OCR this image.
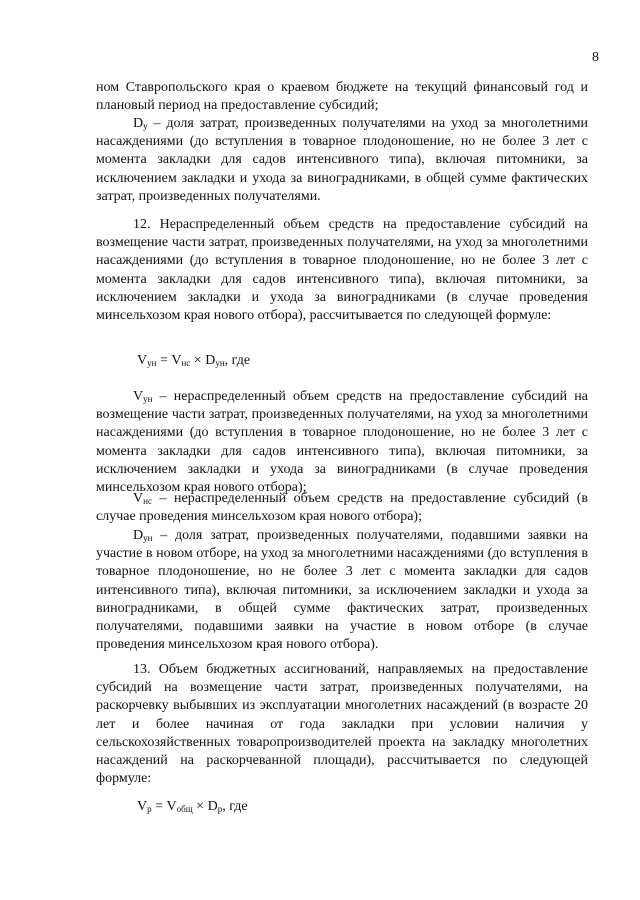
8

ном Ставропольского края о краевом бюджете на текущий финансовый год и плановый период на предоставление субсидий;

$D_у$ – доля затрат, произведенных получателями на уход за многолетними насаждениями (до вступления в товарное плодоношение, но не более 3 лет с момента закладки для садов интенсивного типа), включая питомники, за исключением закладки и ухода за виноградниками, в общей сумме фактических затрат, произведенных получателями.

12. Нераспределенный объем средств на предоставление субсидий на возмещение части затрат, произведенных получателями, на уход за многолетними насаждениями (до вступления в товарное плодоношение, но не более 3 лет с момента закладки для садов интенсивного типа), включая питомники, за исключением закладки и ухода за виноградниками (в случае проведения минсельхозом края нового отбора), рассчитывается по следующей формуле:

$V_{ун} = V_{нс} \times D_{ун}$, где

$V_{ун}$ – нераспределенный объем средств на предоставление субсидий на возмещение части затрат, произведенных получателями, на уход за многолетними насаждениями (до вступления в товарное плодоношение, но не более 3 лет с момента закладки для садов интенсивного типа), включая питомники, за исключением закладки и ухода за виноградниками (в случае проведения минсельхозом края нового отбора);

$V_{нс}$ – нераспределенный объем средств на предоставление субсидий (в случае проведения минсельхозом края нового отбора);

$D_{ун}$ – доля затрат, произведенных получателями, подавшими заявки на участие в новом отборе, на уход за многолетними насаждениями (до вступления в товарное плодоношение, но не более 3 лет с момента закладки для садов интенсивного типа), включая питомники, за исключением закладки и ухода за виноградниками, в общей сумме фактических затрат, произведенных получателями, подавшими заявки на участие в новом отборе (в случае проведения минсельхозом края нового отбора).

13. Объем бюджетных ассигнований, направляемых на предоставление субсидий на возмещение части затрат, произведенных получателями, на раскорчевку выбывших из эксплуатации многолетних насаждений (в возрасте 20 лет и более начиная от года закладки при условии наличия у сельскохозяйственных товаропроизводителей проекта на закладку многолетних насаждений на раскорчеванной площади), рассчитывается по следующей формуле:

$V_р = V_{общ} \times D_р$, где
